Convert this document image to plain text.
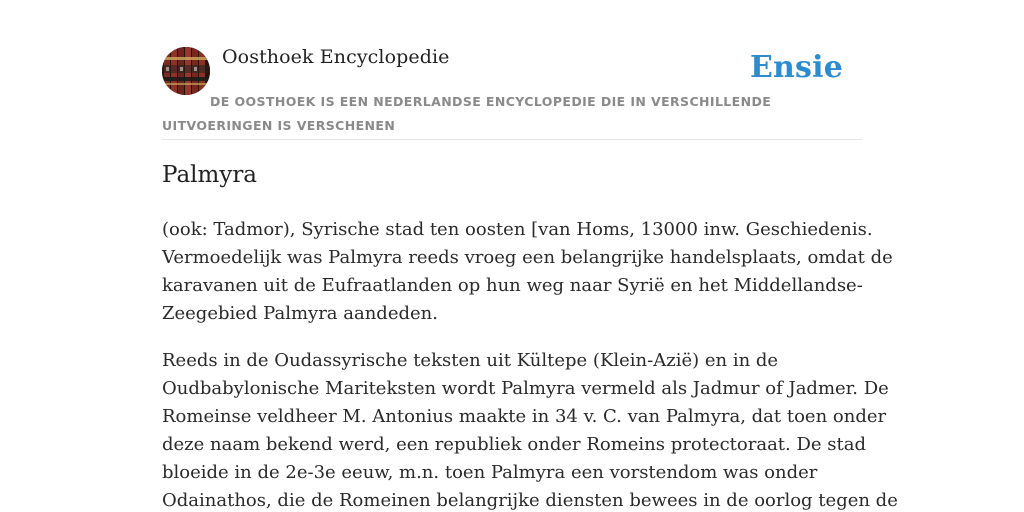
Oosthoek Encyclopedie	Ensie
DE OOSTHOEK IS EEN NEDERLANDSE ENCYCLOPEDIE DIE IN VERSCHILLENDE UITVOERINGEN IS VERSCHENEN
Palmyra

(ook: Tadmor), Syrische stad ten oosten [van Homs, 13000 inw. Geschiedenis.
Vermoedelijk was Palmyra reeds vroeg een belangrijke handelsplaats, omdat de
karavanen uit de Eufraatlanden op hun weg naar Syrië en het Middellandse-
Zeegebied Palmyra aandeden.

Reeds in de Oudassyrische teksten uit Kültepe (Klein-Azië) en in de
Oudbabylonische Mariteksten wordt Palmyra vermeld als Jadmur of Jadmer. De
Romeinse veldheer M. Antonius maakte in 34 v. C. van Palmyra, dat toen onder
deze naam bekend werd, een republiek onder Romeins protectoraat. De stad
bloeide in de 2e-3e eeuw, m.n. toen Palmyra een vorstendom was onder
Odainathos, die de Romeinen belangrijke diensten bewees in de oorlog tegen de
